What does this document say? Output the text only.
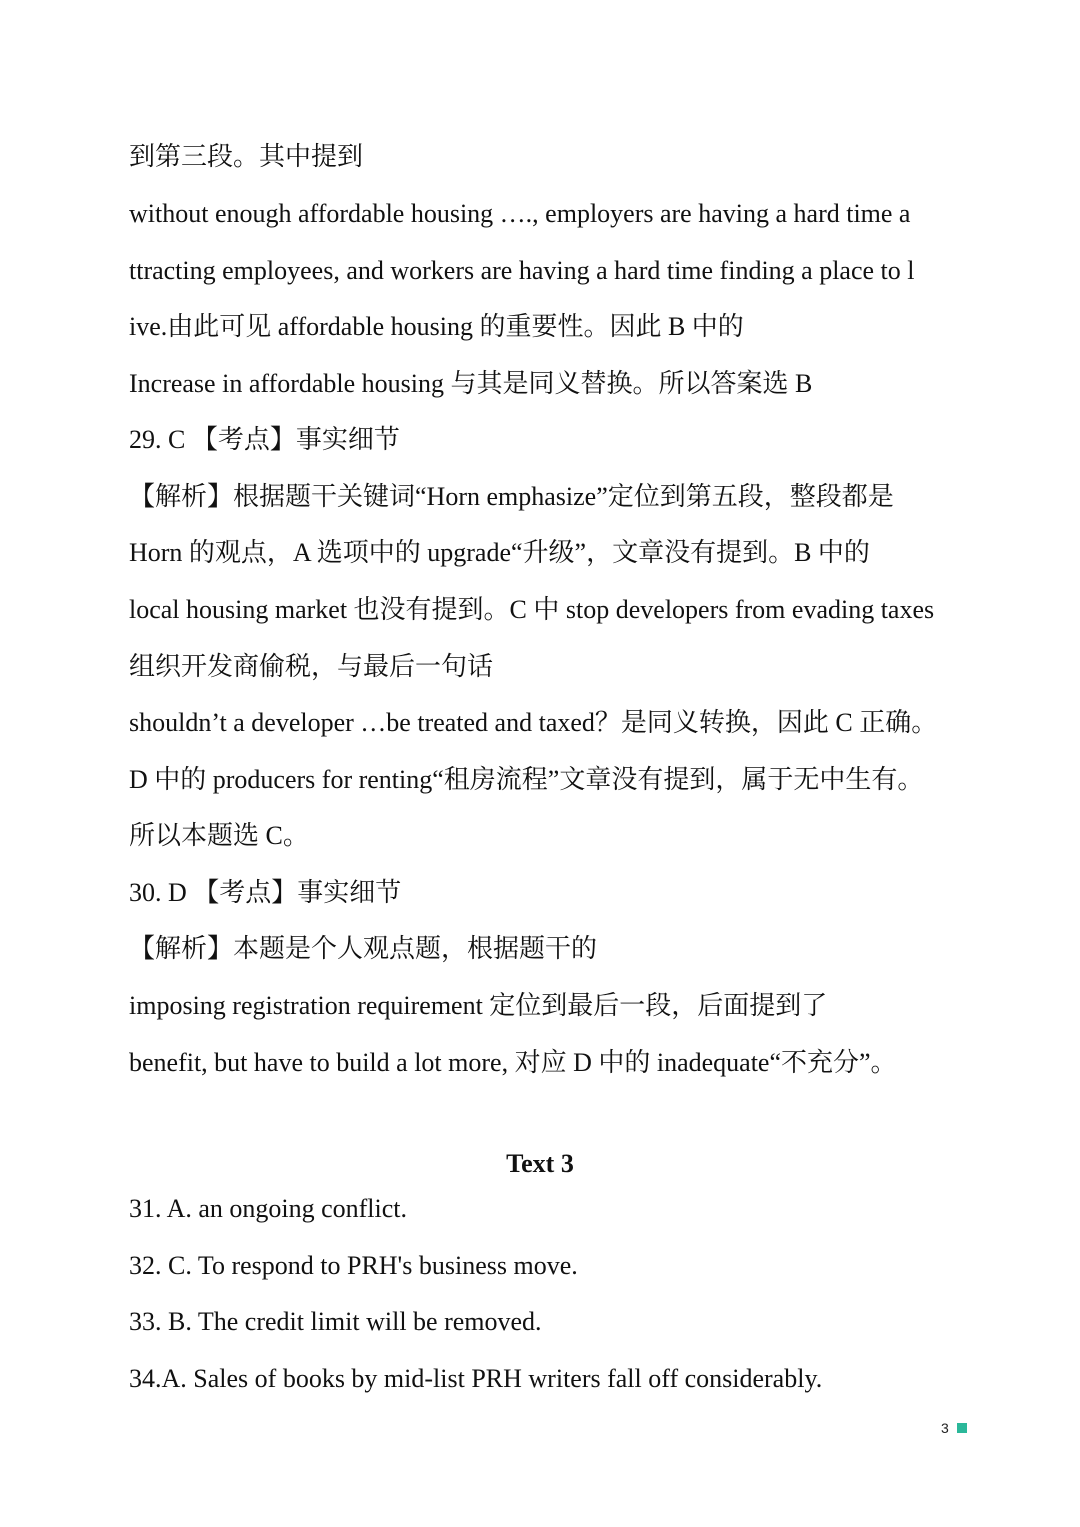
到第三段。其中提到
without enough affordable housing …., employers are having a hard time a
ttracting employees, and workers are having a hard time finding a place to l
ive.由此可见 affordable housing 的重要性。因此 B 中的
Increase in affordable housing 与其是同义替换。所以答案选 B
29. C 【考点】事实细节
【解析】根据题干关键词“Horn emphasize”定位到第五段，整段都是
Horn 的观点，A 选项中的 upgrade“升级”，文章没有提到。B 中的
local housing market 也没有提到。C 中 stop developers from evading taxes
组织开发商偷税，与最后一句话
shouldn’t a developer …be treated and taxed？是同义转换，因此 C 正确。
D 中的 producers for renting“租房流程”文章没有提到，属于无中生有。
所以本题选 C。
30. D 【考点】事实细节
【解析】本题是个人观点题，根据题干的
imposing registration requirement 定位到最后一段，后面提到了
benefit, but have to build a lot more, 对应 D 中的 inadequate“不充分”。
Text 3
31. A. an ongoing conflict.
32. C. To respond to PRH's business move.
33. B. The credit limit will be removed.
34.A. Sales of books by mid-list PRH writers fall off considerably.
3
